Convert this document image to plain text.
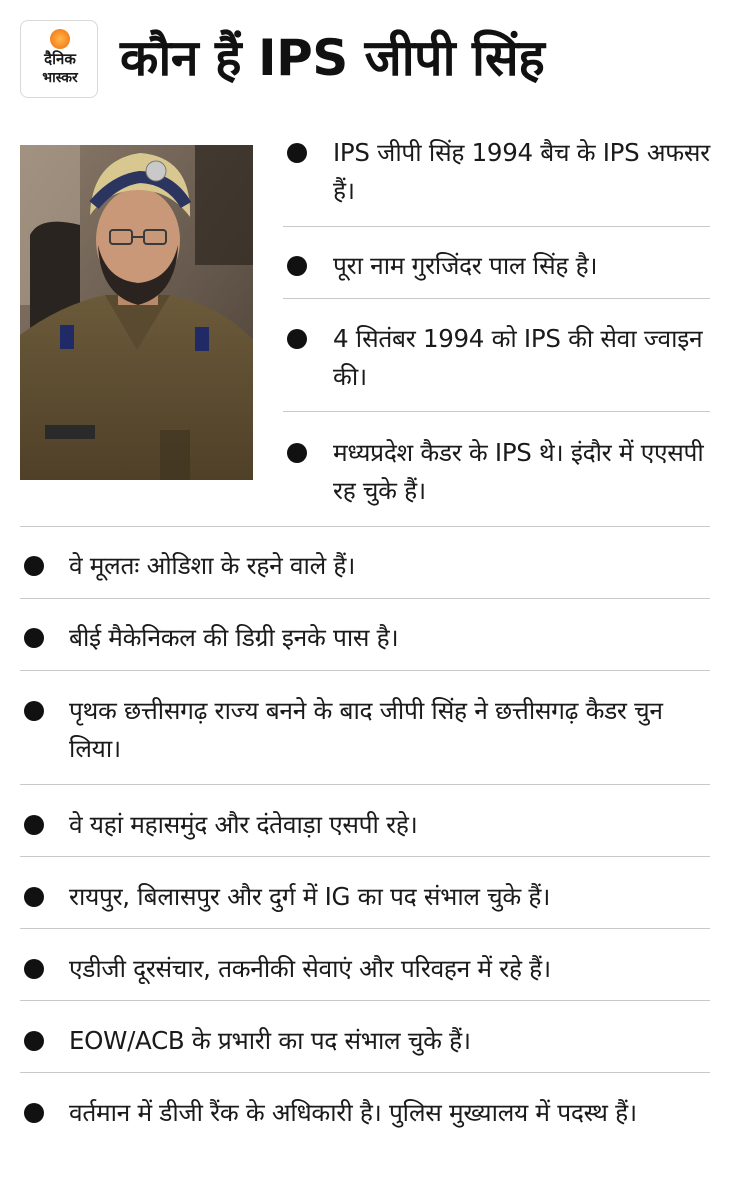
दैनिक
भास्कर कौन हैं IPS जीपी सिंह
IPS जीपी सिंह 1994 बैच के IPS अफसर हैं।
पूरा नाम गुरजिंदर पाल सिंह है।
4 सितंबर 1994 को IPS की सेवा ज्वाइन की।
मध्यप्रदेश कैडर के IPS थे। इंदौर में एएसपी रह चुके हैं।
वे मूलतः ओडिशा के रहने वाले हैं।
बीई मैकेनिकल की डिग्री इनके पास है।
पृथक छत्तीसगढ़ राज्य बनने के बाद जीपी सिंह ने छत्तीसगढ़ कैडर चुन लिया।
वे यहां महासमुंद और दंतेवाड़ा एसपी रहे।
रायपुर, बिलासपुर और दुर्ग में IG का पद संभाल चुके हैं।
एडीजी दूरसंचार, तकनीकी सेवाएं और परिवहन में रहे हैं।
EOW/ACB के प्रभारी का पद संभाल चुके हैं।
वर्तमान में डीजी रैंक के अधिकारी है। पुलिस मुख्यालय में पदस्थ हैं।
